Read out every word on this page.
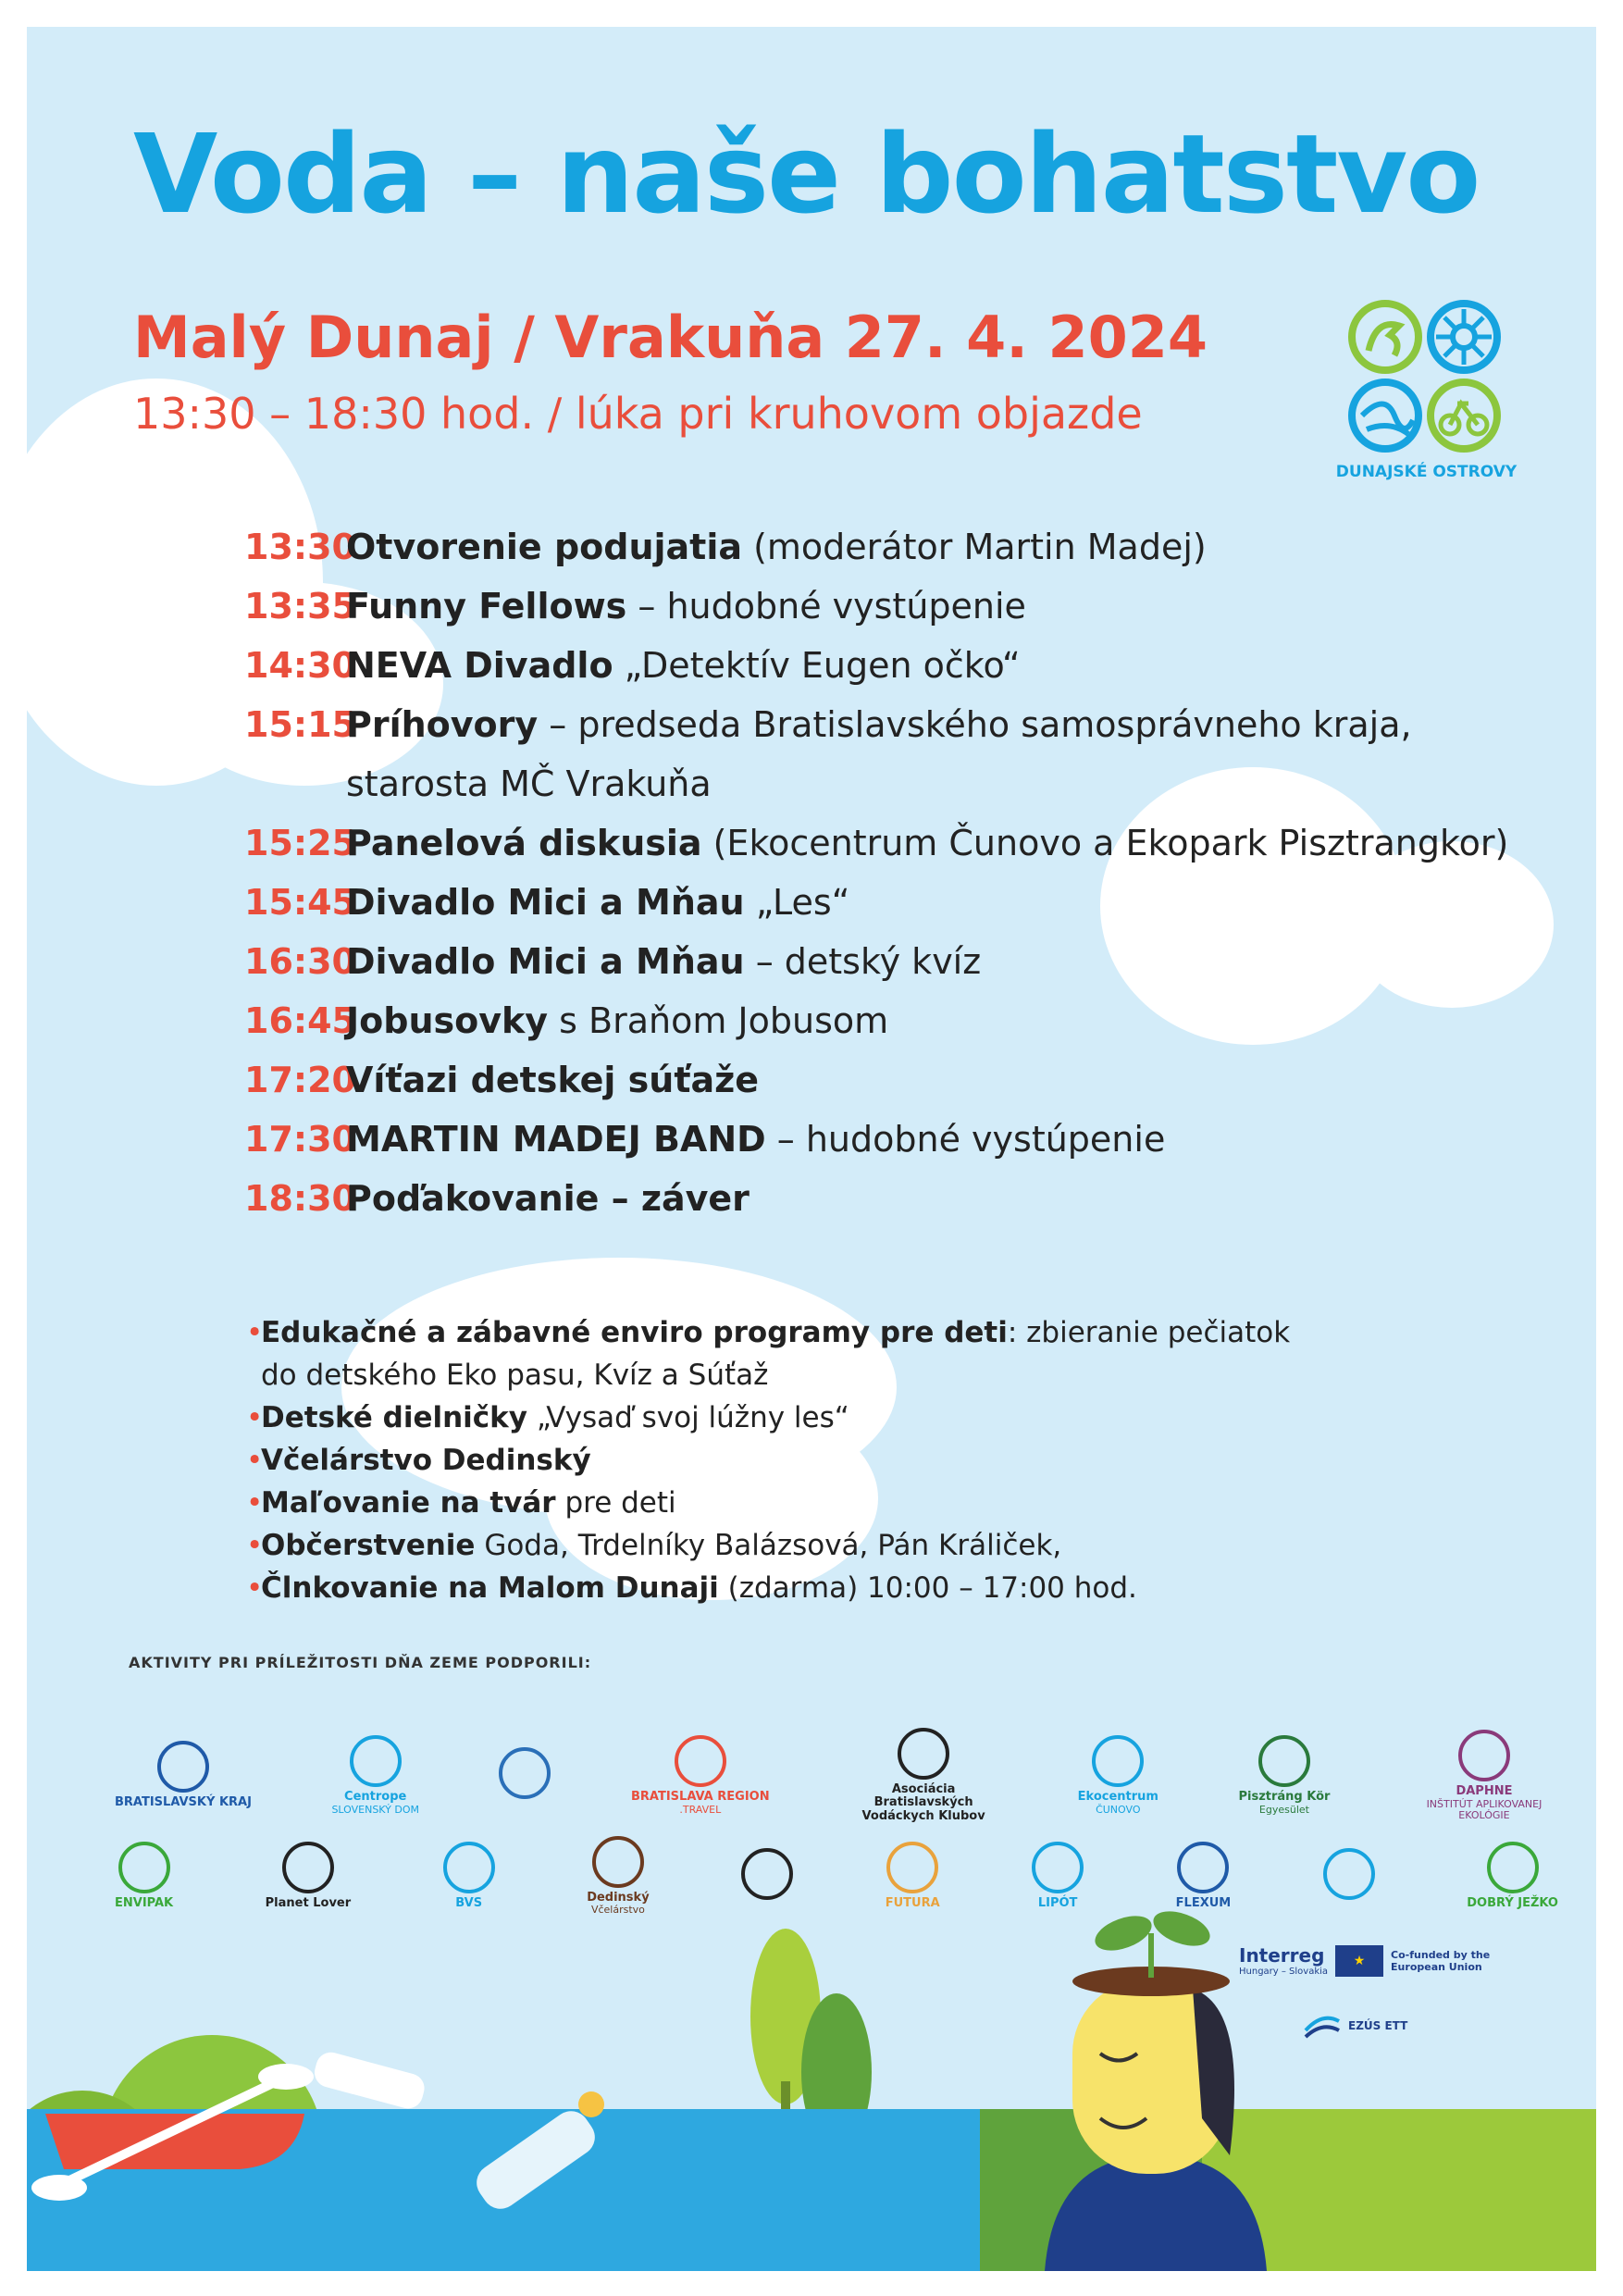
Voda – naše bohatstvo
Malý Dunaj / Vrakuňa 27. 4. 2024
13:30 – 18:30 hod. / lúka pri kruhovom objazde
DUNAJSKÉ OSTROVY
13:30
Otvorenie podujatia (moderátor Martin Madej)
13:35
Funny Fellows – hudobné vystúpenie
14:30
NEVA Divadlo „Detektív Eugen očko“
15:15
Príhovory – predseda Bratislavského samosprávneho kraja,
starosta MČ Vrakuňa
15:25
Panelová diskusia (Ekocentrum Čunovo a Ekopark Pisztrangkor)
15:45
Divadlo Mici a Mňau „Les“
16:30
Divadlo Mici a Mňau – detský kvíz
16:45
Jobusovky s Braňom Jobusom
17:20
Víťazi detskej súťaže
17:30
MARTIN MADEJ BAND – hudobné vystúpenie
18:30
Poďakovanie – záver
•Edukačné a zábavné enviro programy pre deti: zbieranie pečiatok
do detského Eko pasu, Kvíz a Súťaž
•Detské dielničky „Vysaď svoj lúžny les“
•Včelárstvo Dedinský
•Maľovanie na tvár pre deti
•Občerstvenie Goda, Trdelníky Balázsová, Pán Králiček,
•Člnkovanie na Malom Dunaji (zdarma) 10:00 – 17:00 hod.
AKTIVITY PRI PRÍLEŽITOSTI DŇA ZEME PODPORILI:
BRATISLAVSKÝ KRAJ	Centrope
SLOVENSKÝ DOM
BRATISLAVA REGION
.TRAVEL
Asociácia Bratislavských Vodáckych Klubov
Ekocentrum
ČUNOVO
Pisztráng Kör
Egyesület
DAPHNE
INŠTITÚT APLIKOVANEJ EKOLÓGIE
ENVIPAK	Planet Lover	BVS	Dedinský
Včelárstvo	FUTURA	LIPÓT	FLEXUM	DOBRÝ JEŽKO
Interreg
Hungary – Slovakia
★	Co-funded by the European Union
EZÚS ETT
